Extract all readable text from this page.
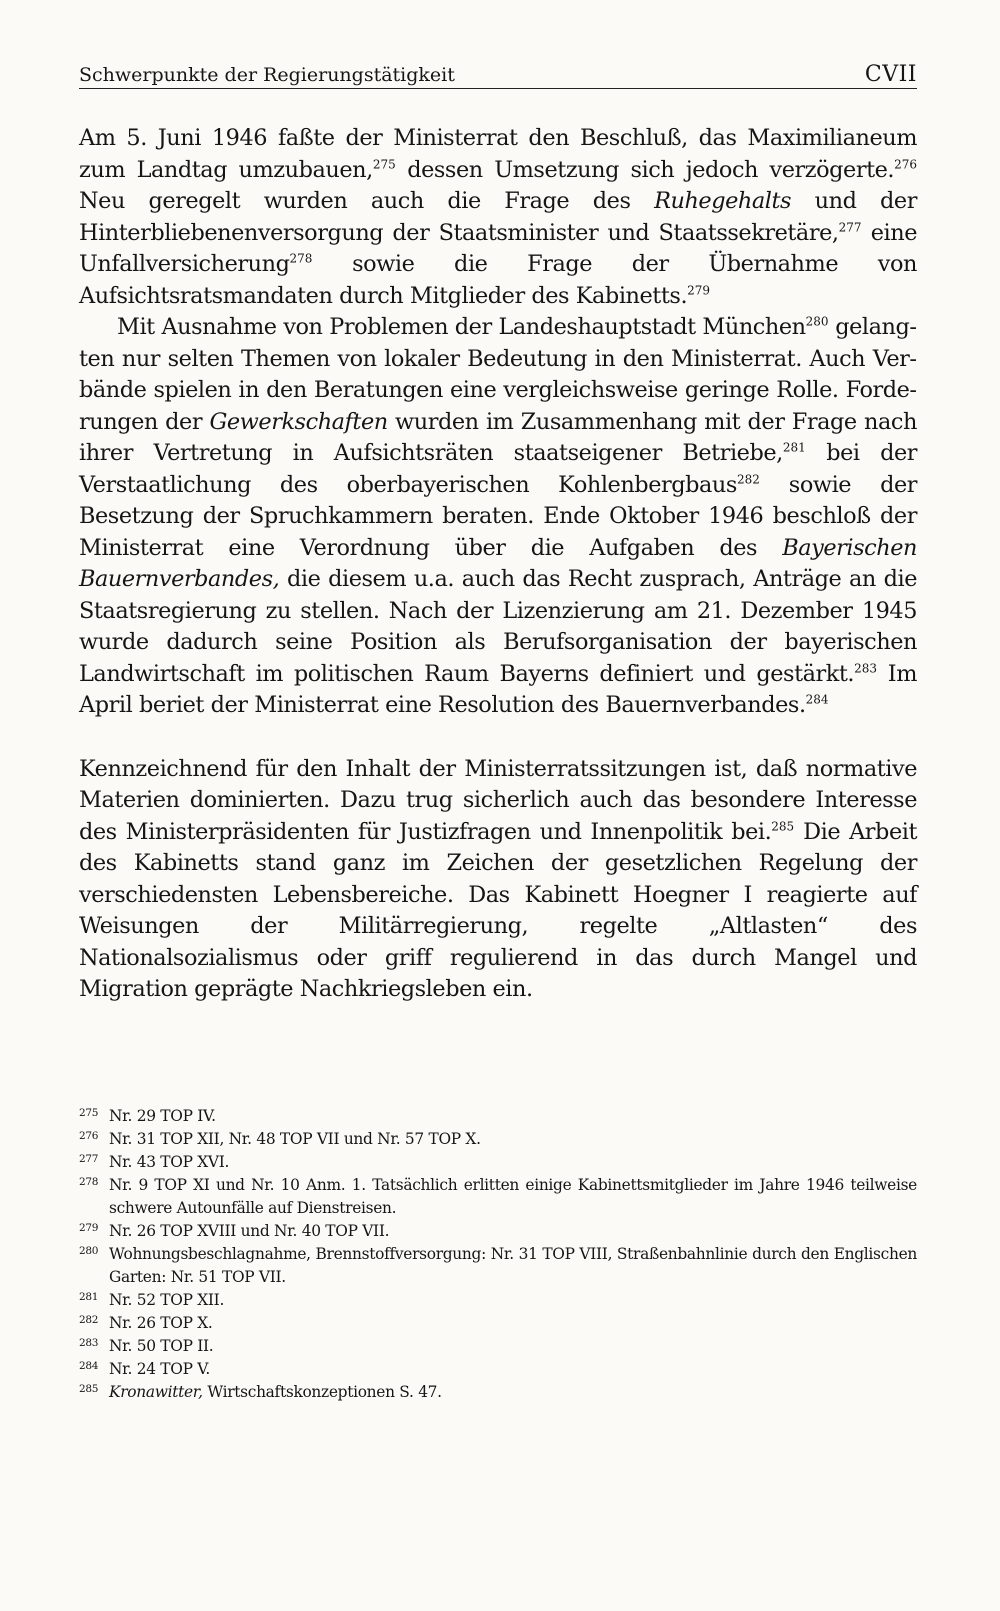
Schwerpunkte der Regierungstätigkeit	CVII

Am 5. Juni 1946 faßte der Ministerrat den Beschluß, das Maximilianeum zum Landtag umzubauen,$^{275}$ dessen Umsetzung sich jedoch verzögerte.$^{276}$ Neu geregelt wurden auch die Frage des Ruhegehalts und der Hinterbliebenenversorgung der Staatsminister und Staatssekretäre,$^{277}$ eine Unfallversicherung$^{278}$ sowie die Frage der Übernahme von Aufsichtsratsmandaten durch Mitglieder des Kabinetts.$^{279}$

Mit Ausnahme von Problemen der Landeshauptstadt München$^{280}$ gelangten nur selten Themen von lokaler Bedeutung in den Ministerrat. Auch Verbände spielen in den Beratungen eine vergleichsweise geringe Rolle. Forderungen der Gewerkschaften wurden im Zusammenhang mit der Frage nach ihrer Vertretung in Aufsichtsräten staatseigener Betriebe,$^{281}$ bei der Verstaatlichung des oberbayerischen Kohlenbergbaus$^{282}$ sowie der Besetzung der Spruchkammern beraten. Ende Oktober 1946 beschloß der Ministerrat eine Verordnung über die Aufgaben des Bayerischen Bauernverbandes, die diesem u.a. auch das Recht zusprach, Anträge an die Staatsregierung zu stellen. Nach der Lizenzierung am 21. Dezember 1945 wurde dadurch seine Position als Berufsorganisation der bayerischen Landwirtschaft im politischen Raum Bayerns definiert und gestärkt.$^{283}$ Im April beriet der Ministerrat eine Resolution des Bauernverbandes.$^{284}$

Kennzeichnend für den Inhalt der Ministerratssitzungen ist, daß normative Materien dominierten. Dazu trug sicherlich auch das besondere Interesse des Ministerpräsidenten für Justizfragen und Innenpolitik bei.$^{285}$ Die Arbeit des Kabinetts stand ganz im Zeichen der gesetzlichen Regelung der verschiedensten Lebensbereiche. Das Kabinett Hoegner I reagierte auf Weisungen der Militärregierung, regelte „Altlasten“ des Nationalsozialismus oder griff regulierend in das durch Mangel und Migration geprägte Nachkriegsleben ein.

275 Nr. 29 TOP IV.
276 Nr. 31 TOP XII, Nr. 48 TOP VII und Nr. 57 TOP X.
277 Nr. 43 TOP XVI.
278 Nr. 9 TOP XI und Nr. 10 Anm. 1. Tatsächlich erlitten einige Kabinettsmitglieder im Jahre 1946 teilweise schwere Autounfälle auf Dienstreisen.
279 Nr. 26 TOP XVIII und Nr. 40 TOP VII.
280 Wohnungsbeschlagnahme, Brennstoffversorgung: Nr. 31 TOP VIII, Straßenbahnlinie durch den Englischen Garten: Nr. 51 TOP VII.
281 Nr. 52 TOP XII.
282 Nr. 26 TOP X.
283 Nr. 50 TOP II.
284 Nr. 24 TOP V.
285 Kronawitter, Wirtschaftskonzeptionen S. 47.
